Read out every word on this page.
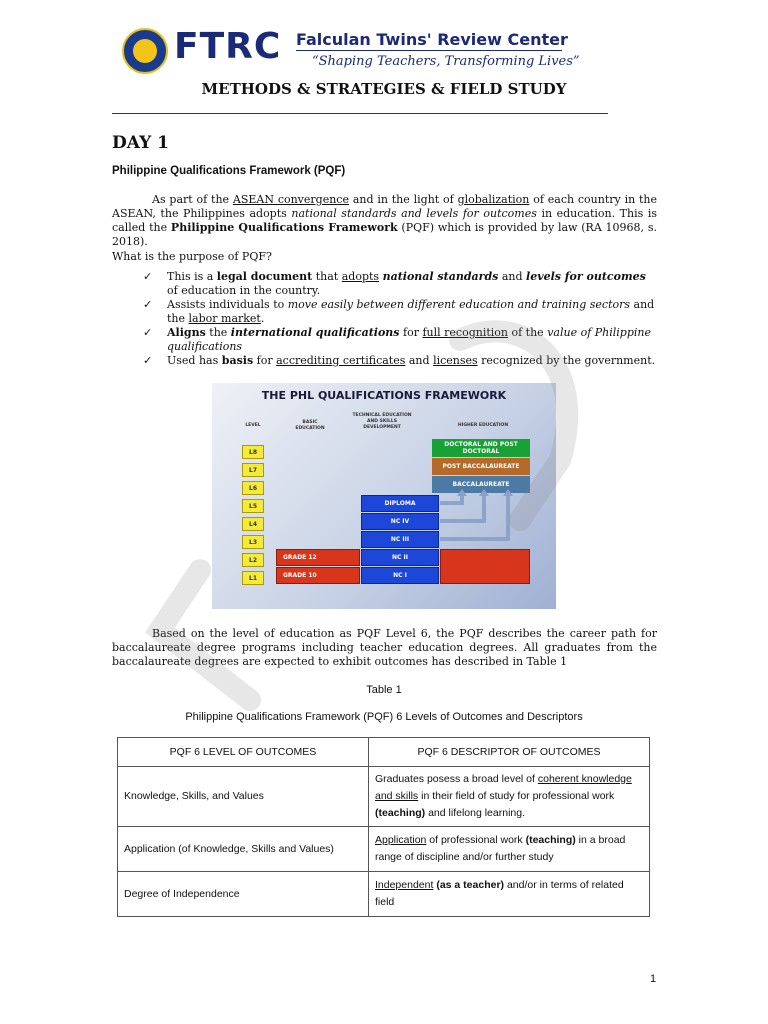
FTRC Falculan Twins' Review Center
“Shaping Teachers, Transforming Lives”
METHODS & STRATEGIES & FIELD STUDY
DAY 1
Philippine Qualifications Framework (PQF)
As part of the ASEAN convergence and in the light of globalization of each country in the ASEAN, the Philippines adopts national standards and levels for outcomes in education. This is called the Philippine Qualifications Framework (PQF) which is provided by law (RA 10968, s. 2018).
What is the purpose of PQF?
✓ This is a legal document that adopts national standards and levels for outcomes of education in the country.
✓ Assists individuals to move easily between different education and training sectors and the labor market.
✓ Aligns the international qualifications for full recognition of the value of Philippine qualifications
✓ Used has basis for accrediting certificates and licenses recognized by the government.
THE PHL QUALIFICATIONS FRAMEWORK
LEVEL
BASIC EDUCATION
TECHNICAL EDUCATION AND SKILLS DEVELOPMENT	HIGHER EDUCATION
L8
L7
L6
L5
L4
L3
L2
L1
GRADE 12
GRADE 10
DIPLOMA
NC IV
NC III
NC II
NC I
DOCTORAL AND POST DOCTORAL
POST BACCALAUREATE
BACCALAUREATE
Based on the level of education as PQF Level 6, the PQF describes the career path for baccalaureate degree programs including teacher education degrees. All graduates from the baccalaureate degrees are expected to exhibit outcomes has described in Table 1
Table 1
Philippine Qualifications Framework (PQF) 6 Levels of Outcomes and Descriptors
PQF 6 LEVEL OF OUTCOMES	PQF 6 DESCRIPTOR OF OUTCOMES
Knowledge, Skills, and Values	Graduates posess a broad level of coherent knowledge and skills in their field of study for professional work (teaching) and lifelong learning.
Application (of Knowledge, Skills and Values)	Application of professional work (teaching) in a broad range of discipline and/or further study
Degree of Independence	Independent (as a teacher) and/or in terms of related field
1
